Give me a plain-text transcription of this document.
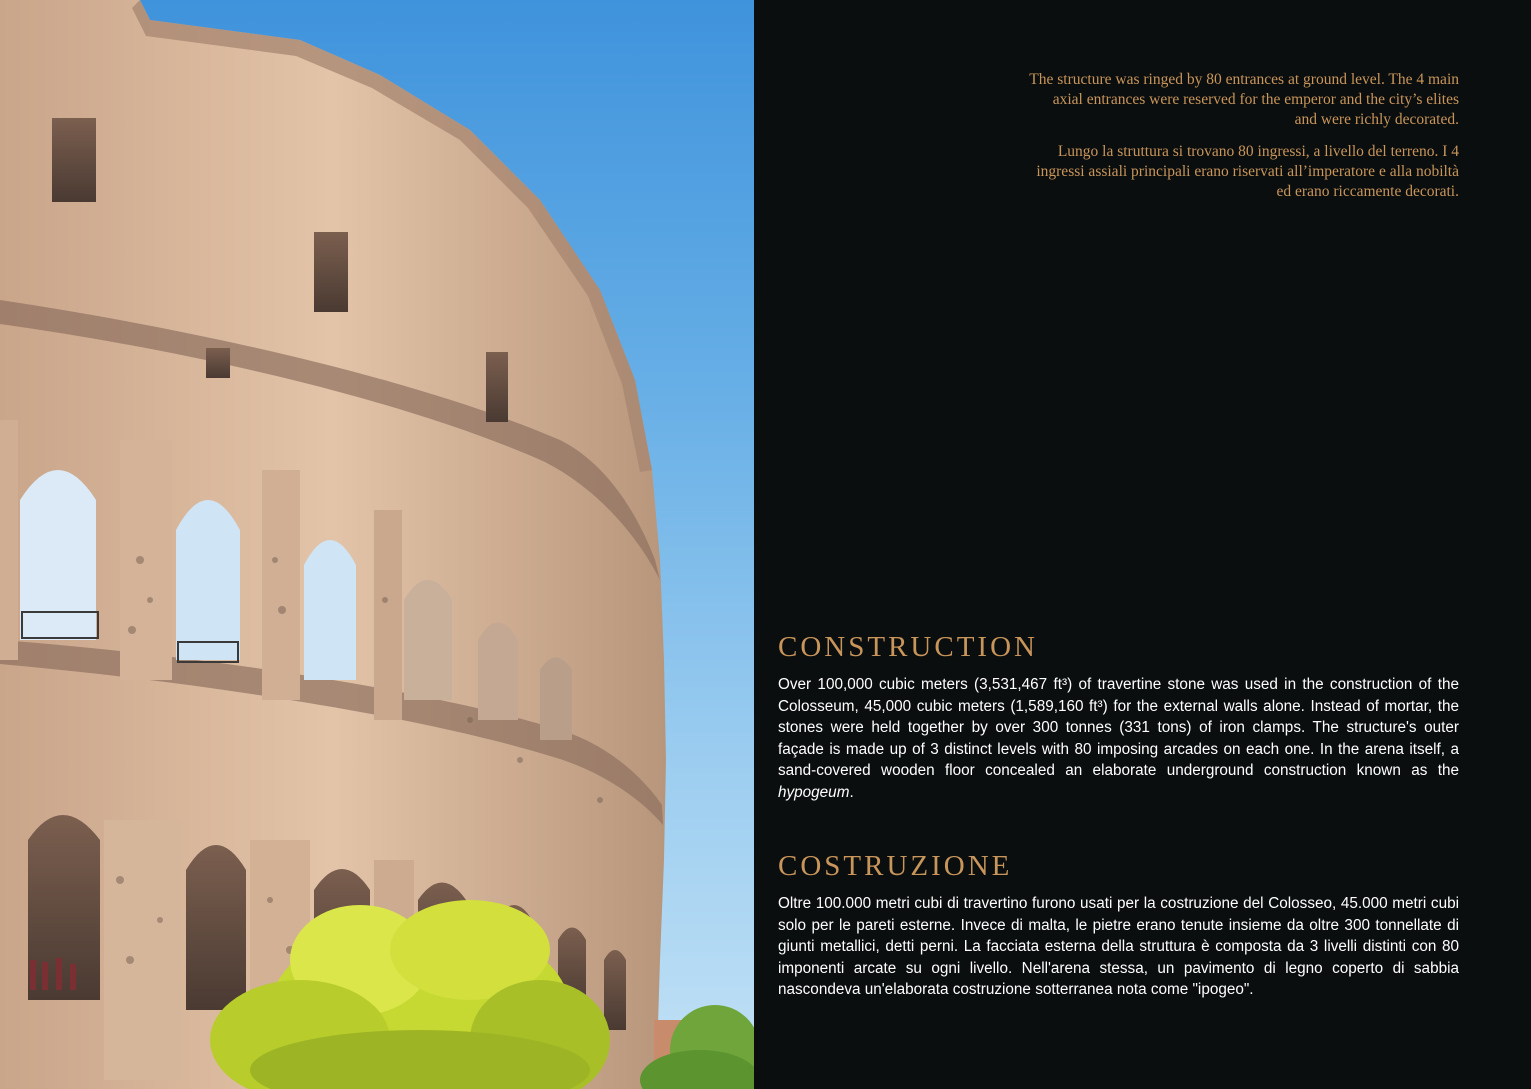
The structure was ringed by 80 entrances at ground level. The 4 main axial entrances were reserved for the emperor and the city’s elites and were richly decorated.

Lungo la struttura si trovano 80 ingressi, a livello del terreno. I 4 ingressi assiali principali erano riservati all’imperatore e alla nobiltà ed erano riccamente decorati.

CONSTRUCTION

Over 100,000 cubic meters (3,531,467 ft³) of travertine stone was used in the construction of the Colosseum, 45,000 cubic meters (1,589,160 ft³) for the external walls alone. Instead of mortar, the stones were held together by over 300 tonnes (331 tons) of iron clamps. The structure's outer façade is made up of 3 distinct levels with 80 imposing arcades on each one. In the arena itself, a sand-covered wooden floor concealed an elaborate underground construction known as the hypogeum.

COSTRUZIONE

Oltre 100.000 metri cubi di travertino furono usati per la costruzione del Colosseo, 45.000 metri cubi solo per le pareti esterne. Invece di malta, le pietre erano tenute insieme da oltre 300 tonnellate di giunti metallici, detti perni. La facciata esterna della struttura è composta da 3 livelli distinti con 80 imponenti arcate su ogni livello. Nell'arena stessa, un pavimento di legno coperto di sabbia nascondeva un'elaborata costruzione sotterranea nota come "ipogeo".
